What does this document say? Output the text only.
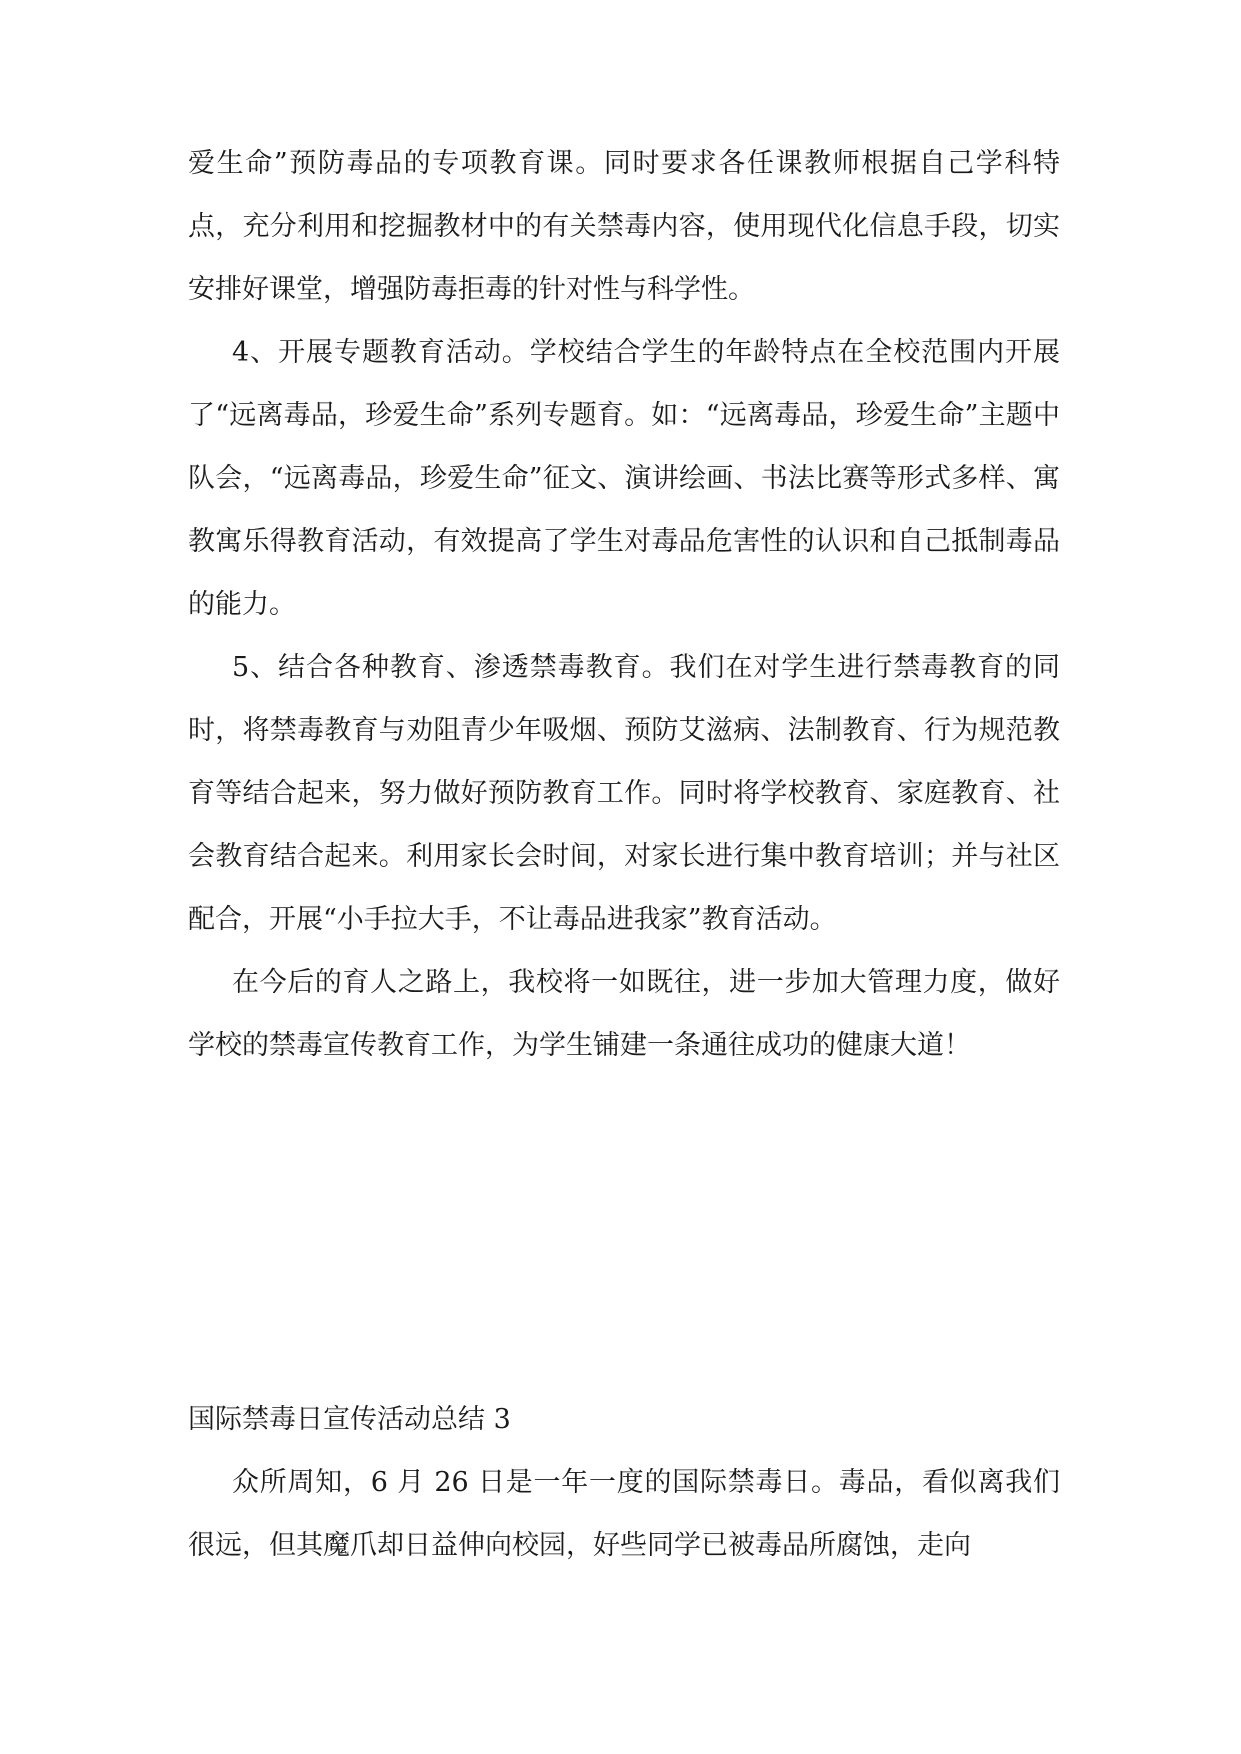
爱生命”预防毒品的专项教育课。同时要求各任课教师根据自己学科特点，充分利用和挖掘教材中的有关禁毒内容，使用现代化信息手段，切实安排好课堂，增强防毒拒毒的针对性与科学性。

4、开展专题教育活动。学校结合学生的年龄特点在全校范围内开展了“远离毒品，珍爱生命”系列专题育。如：“远离毒品，珍爱生命”主题中队会，“远离毒品，珍爱生命”征文、演讲绘画、书法比赛等形式多样、寓教寓乐得教育活动，有效提高了学生对毒品危害性的认识和自己抵制毒品的能力。

5、结合各种教育、渗透禁毒教育。我们在对学生进行禁毒教育的同时，将禁毒教育与劝阻青少年吸烟、预防艾滋病、法制教育、行为规范教育等结合起来，努力做好预防教育工作。同时将学校教育、家庭教育、社会教育结合起来。利用家长会时间，对家长进行集中教育培训；并与社区配合，开展“小手拉大手，不让毒品进我家”教育活动。

在今后的育人之路上，我校将一如既往，进一步加大管理力度，做好学校的禁毒宣传教育工作，为学生铺建一条通往成功的健康大道！

国际禁毒日宣传活动总结 3

众所周知，6 月 26 日是一年一度的国际禁毒日。毒品，看似离我们很远，但其魔爪却日益伸向校园，好些同学已被毒品所腐蚀，走向
